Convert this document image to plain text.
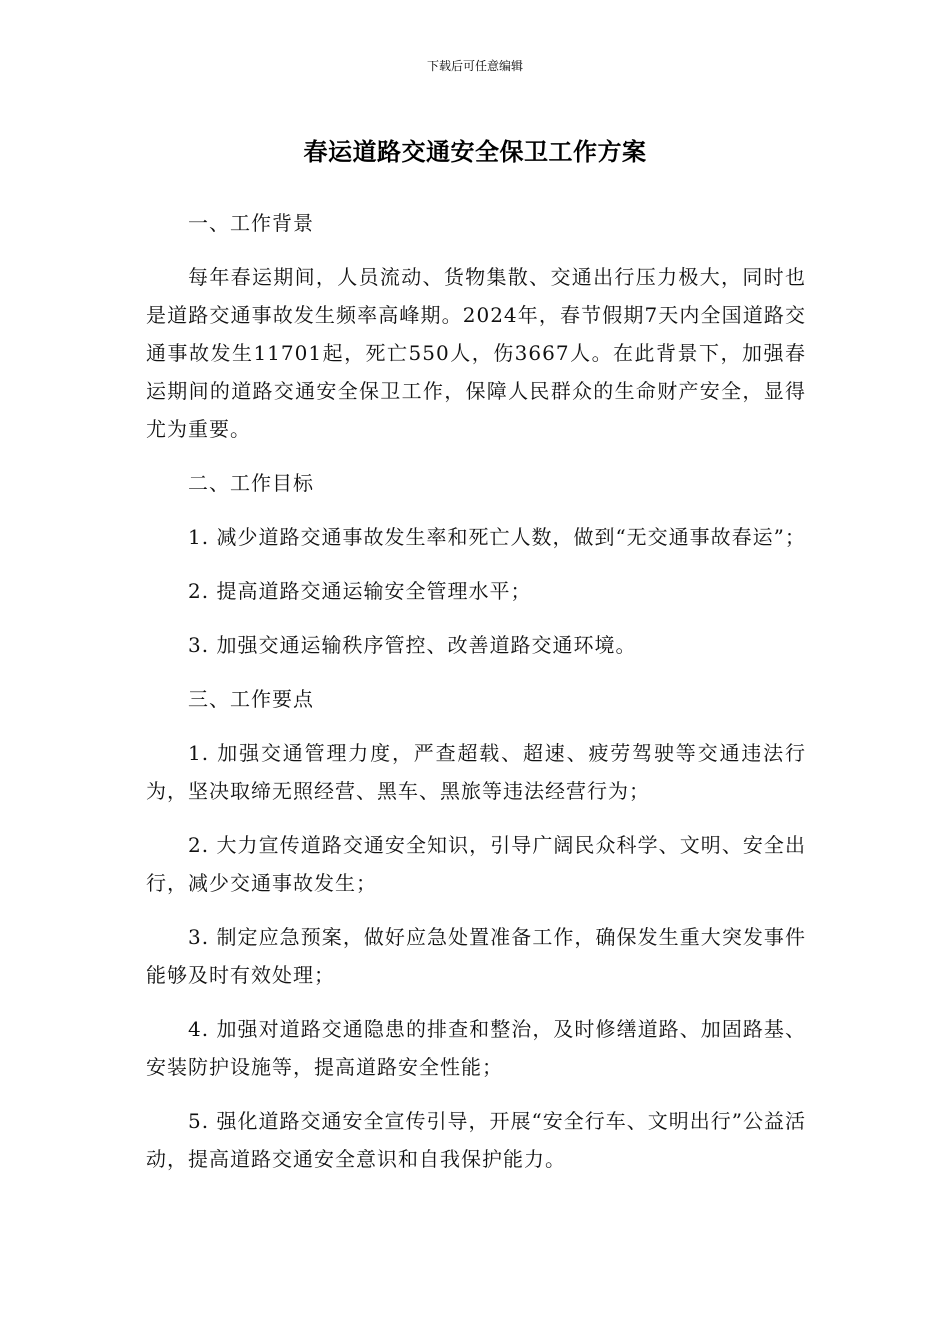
下载后可任意编辑
春运道路交通安全保卫工作方案

一、工作背景

每年春运期间，人员流动、货物集散、交通出行压力极大，同时也是道路交通事故发生频率高峰期。2024年，春节假期7天内全国道路交通事故发生11701起，死亡550人，伤3667人。在此背景下，加强春运期间的道路交通安全保卫工作，保障人民群众的生命财产安全，显得尤为重要。

二、工作目标

1. 减少道路交通事故发生率和死亡人数，做到“无交通事故春运”；

2. 提高道路交通运输安全管理水平；

3. 加强交通运输秩序管控、改善道路交通环境。

三、工作要点

1. 加强交通管理力度，严查超载、超速、疲劳驾驶等交通违法行为，坚决取缔无照经营、黑车、黑旅等违法经营行为；

2. 大力宣传道路交通安全知识，引导广阔民众科学、文明、安全出行，减少交通事故发生；

3. 制定应急预案，做好应急处置准备工作，确保发生重大突发事件能够及时有效处理；

4. 加强对道路交通隐患的排查和整治，及时修缮道路、加固路基、安装防护设施等，提高道路安全性能；

5. 强化道路交通安全宣传引导，开展“安全行车、文明出行”公益活动，提高道路交通安全意识和自我保护能力。
